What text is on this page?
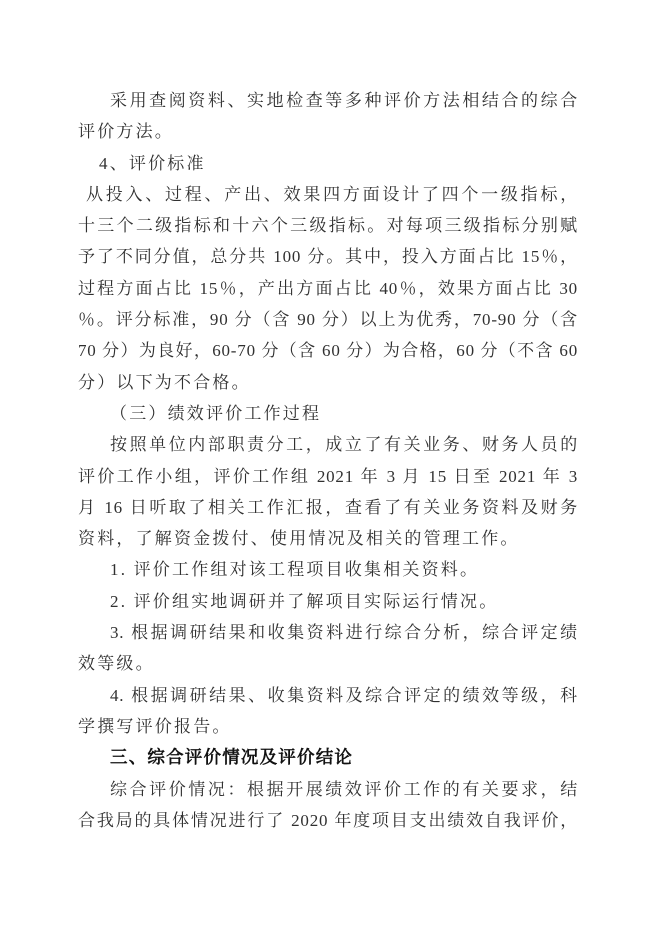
采用查阅资料、实地检查等多种评价方法相结合的综合
评价方法。
4、评价标准
从投入、过程、产出、效果四方面设计了四个一级指标，
十三个二级指标和十六个三级指标。对每项三级指标分别赋
予了不同分值，总分共 100 分。其中，投入方面占比 15％，
过程方面占比 15％，产出方面占比 40％，效果方面占比 30
％。评分标准，90 分（含 90 分）以上为优秀，70-90 分（含
70 分）为良好，60-70 分（含 60 分）为合格，60 分（不含 60
分）以下为不合格。
（三）绩效评价工作过程
按照单位内部职责分工，成立了有关业务、财务人员的
评价工作小组，评价工作组 2021 年 3 月 15 日至 2021 年 3
月 16 日听取了相关工作汇报，查看了有关业务资料及财务
资料，了解资金拨付、使用情况及相关的管理工作。
1. 评价工作组对该工程项目收集相关资料。
2. 评价组实地调研并了解项目实际运行情况。
3. 根据调研结果和收集资料进行综合分析，综合评定绩
效等级。
4. 根据调研结果、收集资料及综合评定的绩效等级，科
学撰写评价报告。
三、综合评价情况及评价结论
综合评价情况：根据开展绩效评价工作的有关要求，结
合我局的具体情况进行了 2020 年度项目支出绩效自我评价，
